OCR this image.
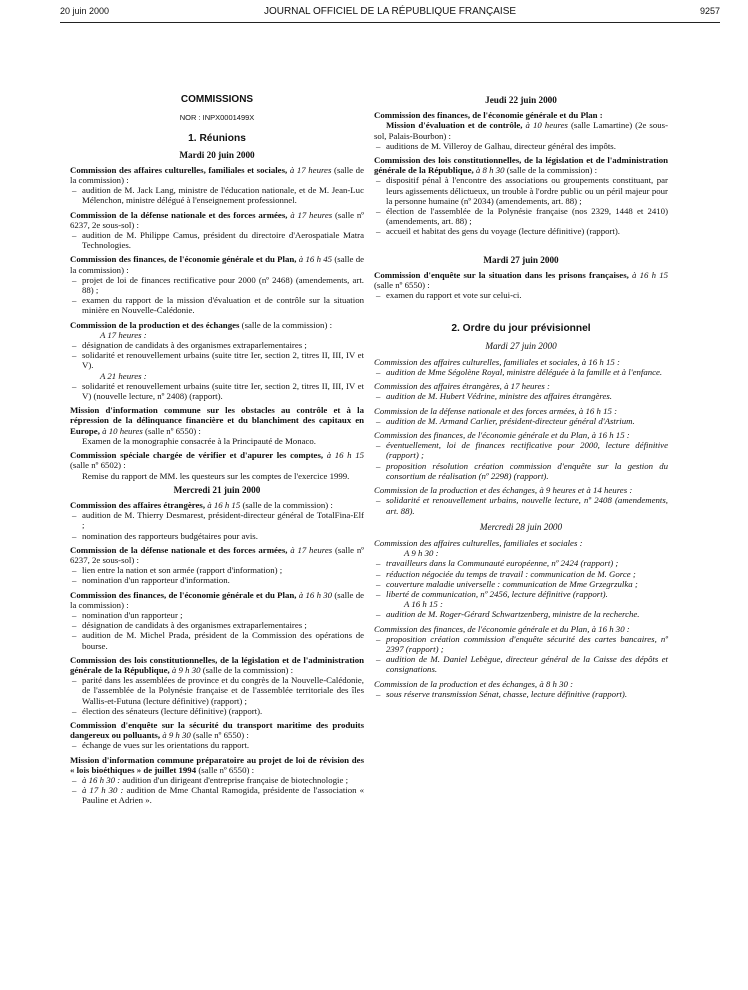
20 juin 2000	JOURNAL OFFICIEL DE LA RÉPUBLIQUE FRANÇAISE	9257

COMMISSIONS

NOR : INPX0001499X

1. Réunions

Mardi 20 juin 2000

Commission des affaires culturelles, familiales et sociales, à 17 heures (salle de la commission) :

– audition de M. Jack Lang, ministre de l'éducation nationale, et de M. Jean-Luc Mélenchon, ministre délégué à l'enseignement professionnel.

Commission de la défense nationale et des forces armées, à 17 heures (salle nº 6237, 2e sous-sol) :

– audition de M. Philippe Camus, président du directoire d'Aerospatiale Matra Technologies.

Commission des finances, de l'économie générale et du Plan, à 16 h 45 (salle de la commission) :

– projet de loi de finances rectificative pour 2000 (nº 2468) (amendements, art. 88) ;

– examen du rapport de la mission d'évaluation et de contrôle sur la situation minière en Nouvelle-Calédonie.

Commission de la production et des échanges (salle de la commission) :

A 17 heures :

– désignation de candidats à des organismes extraparlementaires ;

– solidarité et renouvellement urbains (suite titre Ier, section 2, titres II, III, IV et V).

A 21 heures :

– solidarité et renouvellement urbains (suite titre Ier, section 2, titres II, III, IV et V) (nouvelle lecture, nº 2408) (rapport).

Mission d'information commune sur les obstacles au contrôle et à la répression de la délinquance financière et du blanchiment des capitaux en Europe, à 10 heures (salle nº 6550) :

Examen de la monographie consacrée à la Principauté de Monaco.

Commission spéciale chargée de vérifier et d'apurer les comptes, à 16 h 15 (salle nº 6502) :

Remise du rapport de MM. les questeurs sur les comptes de l'exercice 1999.

Mercredi 21 juin 2000

Commission des affaires étrangères, à 16 h 15 (salle de la commission) :

– audition de M. Thierry Desmarest, président-directeur général de TotalFina-Elf ;

– nomination des rapporteurs budgétaires pour avis.

Commission de la défense nationale et des forces armées, à 17 heures (salle nº 6237, 2e sous-sol) :

– lien entre la nation et son armée (rapport d'information) ;

– nomination d'un rapporteur d'information.

Commission des finances, de l'économie générale et du Plan, à 16 h 30 (salle de la commission) :

– nomination d'un rapporteur ;

– désignation de candidats à des organismes extraparlementaires ;

– audition de M. Michel Prada, président de la Commission des opérations de bourse.

Commission des lois constitutionnelles, de la législation et de l'administration générale de la République, à 9 h 30 (salle de la commission) :

– parité dans les assemblées de province et du congrès de la Nouvelle-Calédonie, de l'assemblée de la Polynésie française et de l'assemblée territoriale des îles Wallis-et-Futuna (lecture définitive) (rapport) ;

– élection des sénateurs (lecture définitive) (rapport).

Commission d'enquête sur la sécurité du transport maritime des produits dangereux ou polluants, à 9 h 30 (salle nº 6550) :

– échange de vues sur les orientations du rapport.

Mission d'information commune préparatoire au projet de loi de révision des « lois bioéthiques » de juillet 1994 (salle nº 6550) :

– à 16 h 30 : audition d'un dirigeant d'entreprise française de biotechnologie ;

– à 17 h 30 : audition de Mme Chantal Ramogida, présidente de l'association « Pauline et Adrien ».

Jeudi 22 juin 2000

Commission des finances, de l'économie générale et du Plan :

Mission d'évaluation et de contrôle, à 10 heures (salle Lamartine) (2e sous-sol, Palais-Bourbon) :

– auditions de M. Villeroy de Galhau, directeur général des impôts.

Commission des lois constitutionnelles, de la législation et de l'administration générale de la République, à 8 h 30 (salle de la commission) :

– dispositif pénal à l'encontre des associations ou groupements constituant, par leurs agissements délictueux, un trouble à l'ordre public ou un péril majeur pour la personne humaine (nº 2034) (amendements, art. 88) ;

– élection de l'assemblée de la Polynésie française (nos 2329, 1448 et 2410) (amendements, art. 88) ;

– accueil et habitat des gens du voyage (lecture définitive) (rapport).

Mardi 27 juin 2000

Commission d'enquête sur la situation dans les prisons françaises, à 16 h 15 (salle nº 6550) :

– examen du rapport et vote sur celui-ci.

2. Ordre du jour prévisionnel

Mardi 27 juin 2000

Commission des affaires culturelles, familiales et sociales, à 16 h 15 :

– audition de Mme Ségolène Royal, ministre déléguée à la famille et à l'enfance.

Commission des affaires étrangères, à 17 heures :

– audition de M. Hubert Védrine, ministre des affaires étrangères.

Commission de la défense nationale et des forces armées, à 16 h 15 :

– audition de M. Armand Carlier, président-directeur général d'Astrium.

Commission des finances, de l'économie générale et du Plan, à 16 h 15 :

– éventuellement, loi de finances rectificative pour 2000, lecture définitive (rapport) ;

– proposition résolution création commission d'enquête sur la gestion du consortium de réalisation (nº 2298) (rapport).

Commission de la production et des échanges, à 9 heures et à 14 heures :

– solidarité et renouvellement urbains, nouvelle lecture, nº 2408 (amendements, art. 88).

Mercredi 28 juin 2000

Commission des affaires culturelles, familiales et sociales :

A 9 h 30 :

– travailleurs dans la Communauté européenne, nº 2424 (rapport) ;

– réduction négociée du temps de travail : communication de M. Gorce ;

– couverture maladie universelle : communication de Mme Grzegrzulka ;

– liberté de communication, nº 2456, lecture définitive (rapport).

A 16 h 15 :

– audition de M. Roger-Gérard Schwartzenberg, ministre de la recherche.

Commission des finances, de l'économie générale et du Plan, à 16 h 30 :

– proposition création commission d'enquête sécurité des cartes bancaires, nº 2397 (rapport) ;

– audition de M. Daniel Lebègue, directeur général de la Caisse des dépôts et consignations.

Commission de la production et des échanges, à 8 h 30 :

– sous réserve transmission Sénat, chasse, lecture définitive (rapport).
